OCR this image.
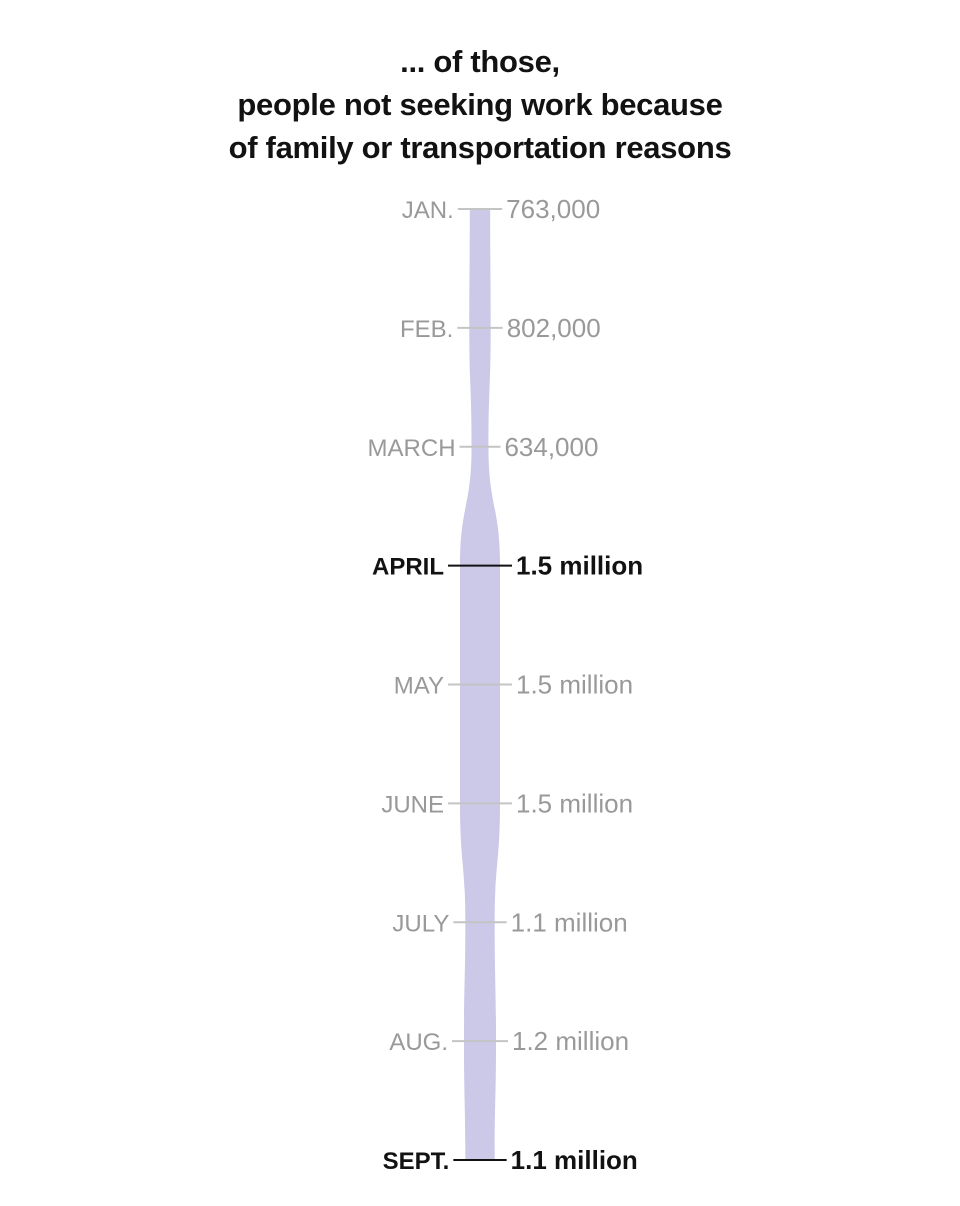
... of those,
people not seeking work because
of family or transportation reasons
JAN. 763,000
FEB. 802,000
MARCH 634,000
APRIL	1.5 million
MAY	1.5 million
JUNE	1.5 million
JULY 1.1 million
AUG. 1.2 million
SEPT. 1.1 million
